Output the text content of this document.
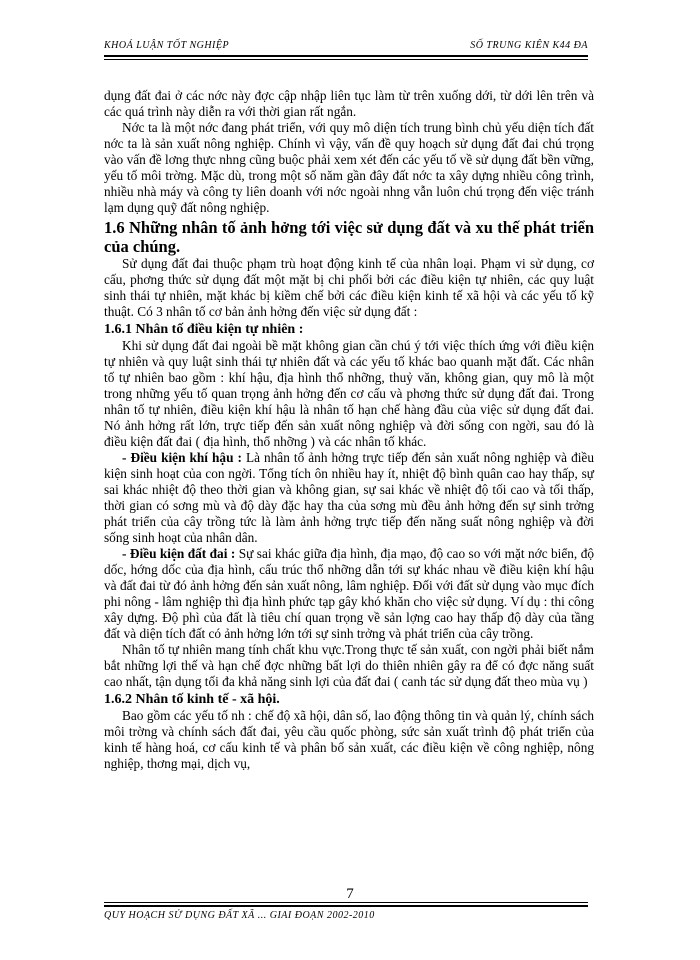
KHOÁ LUẬN TỐT NGHIỆP	SỐ TRUNG KIÊN K44 ĐA

dụng đất đai ở các nớc này đợc cập nhập liên tục làm từ trên xuống dới, từ dới lên trên và các quá trình này diễn ra với thời gian rất ngắn.

Nớc ta là một nớc đang phát triển, với quy mô diện tích trung bình chủ yếu diện tích đất nớc ta là sản xuất nông nghiệp. Chính vì vậy, vấn đề quy hoạch sử dụng đất đai chú trọng vào vấn đề lơng thực nhng cũng buộc phải xem xét đến các yếu tố về sử dụng đất bền vững, yếu tố môi trờng. Mặc dù, trong một số năm gần đây đất nớc ta xây dựng nhiều công trình, nhiều nhà máy và công ty liên doanh với nớc ngoài nhng vẫn luôn chú trọng đến việc tránh lạm dụng quỹ đất nông nghiệp.

1.6 Những nhân tố ảnh hởng tới việc sử dụng đất và xu thế phát triển của chúng.

Sử dụng đất đai thuộc phạm trù hoạt động kinh tế của nhân loại. Phạm vi sử dụng, cơ cấu, phơng thức sử dụng đất một mặt bị chi phối bởi các điều kiện tự nhiên, các quy luật sinh thái tự nhiên, mặt khác bị kiềm chế bởi các điều kiện kinh tế xã hội và các yếu tố kỹ thuật. Có 3 nhân tố cơ bản ảnh hởng đến việc sử dụng đất :

1.6.1 Nhân tố điều kiện tự nhiên :

Khi sử dụng đất đai ngoài bề mặt không gian cần chú ý tới việc thích ứng với điều kiện tự nhiên và quy luật sinh thái tự nhiên đất và các yếu tố khác bao quanh mặt đất. Các nhân tố tự nhiên bao gồm : khí hậu, địa hình thổ nhỡng, thuỷ văn, không gian, quy mô là một trong những yếu tố quan trọng ảnh hởng đến cơ cấu và phơng thức sử dụng đất đai. Trong nhân tố tự nhiên, điều kiện khí hậu là nhân tố hạn chế hàng đầu của việc sử dụng đất đai. Nó ảnh hởng rất lớn, trực tiếp đến sản xuất nông nghiệp và đời sống con ngời, sau đó là điều kiện đất đai ( địa hình, thổ nhỡng ) và các nhân tố khác.

- Điều kiện khí hậu : Là nhân tố ảnh hởng trực tiếp đến sản xuất nông nghiệp và điều kiện sinh hoạt của con ngời. Tổng tích ôn nhiều hay ít, nhiệt độ bình quân cao hay thấp, sự sai khác nhiệt độ theo thời gian và không gian, sự sai khác về nhiệt độ tối cao và tối thấp, thời gian có sơng mù và độ dày đặc hay tha của sơng mù đều ảnh hởng đến sự sinh trởng phát triển của cây trồng tức là làm ảnh hởng trực tiếp đến năng suất nông nghiệp và đời sống sinh hoạt của nhân dân.

- Điều kiện đất đai : Sự sai khác giữa địa hình, địa mạo, độ cao so với mặt nớc biển, độ dốc, hớng dốc của địa hình, cấu trúc thổ nhỡng dẫn tới sự khác nhau về điều kiện khí hậu và đất đai từ đó ảnh hởng đến sản xuất nông, lâm nghiệp. Đối với đất sử dụng vào mục đích phi nông - lâm nghiệp thì địa hình phức tạp gây khó khăn cho việc sử dụng. Ví dụ : thi công xây dựng. Độ phì của đất là tiêu chí quan trọng về sản lợng cao hay thấp độ dày của tầng đất và diện tích đất có ảnh hởng lớn tới sự sinh trởng và phát triển của cây trồng.

Nhân tố tự nhiên mang tính chất khu vực.Trong thực tế sản xuất, con ngời phải biết nắm bắt những lợi thế và hạn chế đợc những bất lợi do thiên nhiên gây ra để có đợc năng suất cao nhất, tận dụng tối đa khả năng sinh lợi của đất đai ( canh tác sử dụng đất theo mùa vụ )

1.6.2 Nhân tố kinh tế - xã hội.

Bao gồm các yếu tố nh : chế độ xã hội, dân số, lao động thông tin và quản lý, chính sách môi trờng và chính sách đất đai, yêu cầu quốc phòng, sức sản xuất trình độ phát triển của kinh tế hàng hoá, cơ cấu kinh tế và phân bố sản xuất, các điều kiện về công nghiệp, nông nghiệp, thơng mại, dịch vụ,

7
QUY HOẠCH SỬ DỤNG ĐẤT XÃ ... GIAI ĐOẠN 2002-2010
